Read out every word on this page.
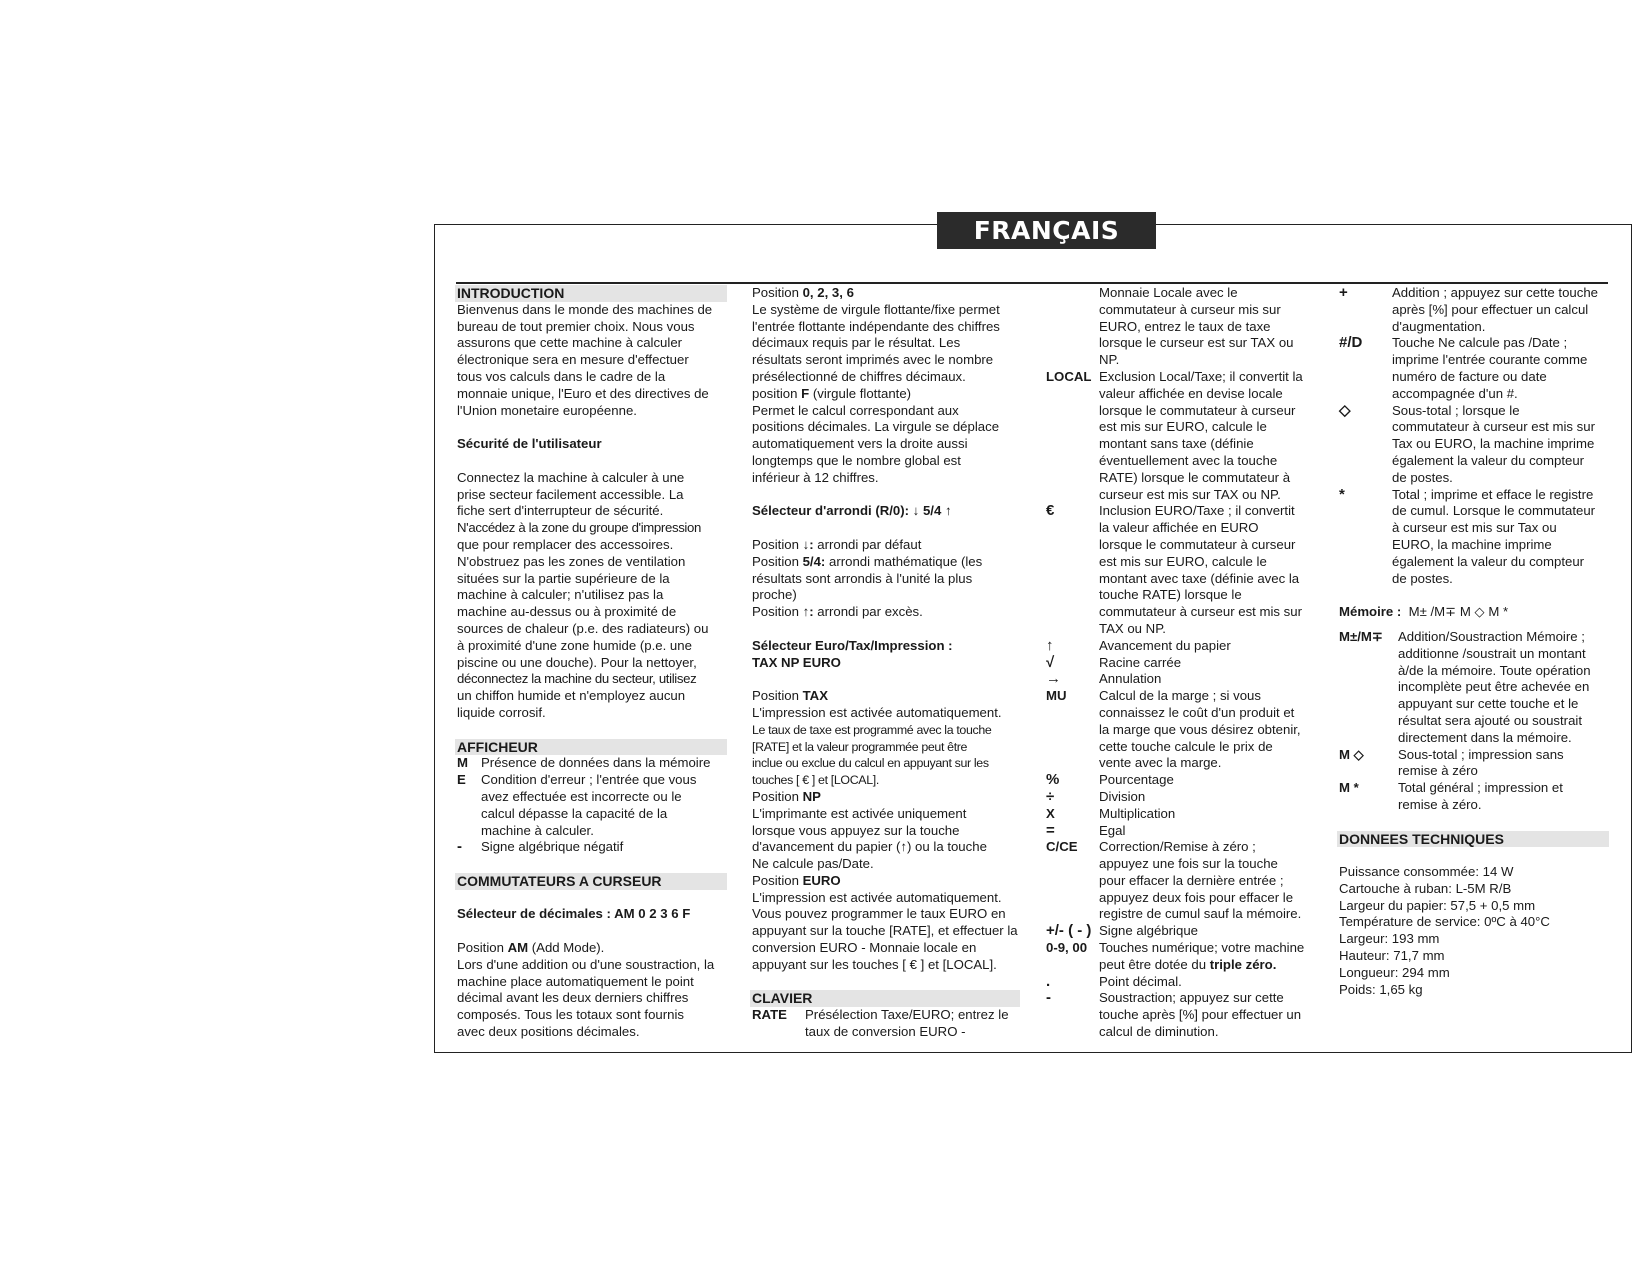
FRANÇAIS

INTRODUCTION

Bienvenus dans le monde des machines de

bureau de tout premier choix. Nous vous

assurons que cette machine à calculer

électronique sera en mesure d'effectuer

tous vos calculs dans le cadre de la

monnaie unique, l'Euro et des directives de

l'Union monetaire européenne.

Sécurité de l'utilisateur

Connectez la machine à calculer à une

prise secteur facilement accessible. La

fiche sert d'interrupteur de sécurité.

N'accédez à la zone du groupe d'impression

que pour remplacer des accessoires.

N'obstruez pas les zones de ventilation

situées sur la partie supérieure de la

machine à calculer; n'utilisez pas la

machine au-dessus ou à proximité de

sources de chaleur (p.e. des radiateurs) ou

à proximité d'une zone humide (p.e. une

piscine ou une douche). Pour la nettoyer,

déconnectez la machine du secteur, utilisez

un chiffon humide et n'employez aucun

liquide corrosif.

AFFICHEUR

M Présence de données dans la mémoire
E	Condition d'erreur ; l'entrée que vous
avez effectuée est incorrecte ou le
calcul dépasse la capacité de la
machine à calculer.
-	Signe algébrique négatif

COMMUTATEURS A CURSEUR

Sélecteur de décimales : AM 0 2 3 6 F

Position AM (Add Mode).

Lors d'une addition ou d'une soustraction, la

machine place automatiquement le point

décimal avant les deux derniers chiffres

composés. Tous les totaux sont fournis

avec deux positions décimales.

Position 0, 2, 3, 6

Le système de virgule flottante/fixe permet

l'entrée flottante indépendante des chiffres

décimaux requis par le résultat. Les

résultats seront imprimés avec le nombre

présélectionné de chiffres décimaux.

position F (virgule flottante)

Permet le calcul correspondant aux

positions décimales. La virgule se déplace

automatiquement vers la droite aussi

longtemps que le nombre global est

inférieur à 12 chiffres.

Sélecteur d'arrondi (R/0): ↓ 5/4 ↑

Position ↓: arrondi par défaut

Position 5/4: arrondi mathématique (les

résultats sont arrondis à l'unité la plus

proche)

Position ↑: arrondi par excès.

Sélecteur Euro/Tax/Impression :

TAX NP EURO

Position TAX

L'impression est activée automatiquement.

Le taux de taxe est programmé avec la touche

[RATE] et la valeur programmée peut être

inclue ou exclue du calcul en appuyant sur les

touches [ € ] et [LOCAL].

Position NP

L'imprimante est activée uniquement

lorsque vous appuyez sur la touche

d'avancement du papier (↑) ou la touche

Ne calcule pas/Date.

Position EURO

L'impression est activée automatiquement.

Vous pouvez programmer le taux EURO en

appuyant sur la touche [RATE], et effectuer la

conversion EURO - Monnaie locale en

appuyant sur les touches [ € ] et [LOCAL].

CLAVIER

RATE	Présélection Taxe/EURO; entrez le
taux de conversion EURO -
Monnaie Locale avec le
commutateur à curseur mis sur
EURO, entrez le taux de taxe
lorsque le curseur est sur TAX ou
NP.
LOCAL Exclusion Local/Taxe; il convertit la
valeur affichée en devise locale
lorsque le commutateur à curseur
est mis sur EURO, calcule le
montant sans taxe (définie
éventuellement avec la touche
RATE) lorsque le commutateur à
curseur est mis sur TAX ou NP.
€	Inclusion EURO/Taxe ; il convertit
la valeur affichée en EURO
lorsque le commutateur à curseur
est mis sur EURO, calcule le
montant avec taxe (définie avec la
touche RATE) lorsque le
commutateur à curseur est mis sur
TAX ou NP.
↑	Avancement du papier
√	Racine carrée
→	Annulation
MU	Calcul de la marge ; si vous
connaissez le coût d'un produit et
la marge que vous désirez obtenir,
cette touche calcule le prix de
vente avec la marge.
%	Pourcentage
÷	Division
X	Multiplication
=	Egal
C/CE	Correction/Remise à zéro ;
appuyez une fois sur la touche
pour effacer la dernière entrée ;
appuyez deux fois pour effacer le
registre de cumul sauf la mémoire.
+/- ( - ) Signe algébrique
0-9, 00 Touches numérique; votre machine
peut être dotée du triple zéro.
.	Point décimal.
-	Soustraction; appuyez sur cette
touche après [%] pour effectuer un
calcul de diminution.
+	Addition ; appuyez sur cette touche
après [%] pour effectuer un calcul
d'augmentation.
#/D	Touche Ne calcule pas /Date ;
imprime l'entrée courante comme
numéro de facture ou date
accompagnée d'un #.
◇	Sous-total ; lorsque le
commutateur à curseur est mis sur
Tax ou EURO, la machine imprime
également la valeur du compteur
de postes.
*	Total ; imprime et efface le registre
de cumul. Lorsque le commutateur
à curseur est mis sur Tax ou
EURO, la machine imprime
également la valeur du compteur
de postes.

Mémoire : M± /M∓ M ◇ M *

M±/M∓	Addition/Soustraction Mémoire ;
additionne /soustrait un montant
à/de la mémoire. Toute opération
incomplète peut être achevée en
appuyant sur cette touche et le
résultat sera ajouté ou soustrait
directement dans la mémoire.
M ◇	Sous-total ; impression sans
remise à zéro
M *	Total général ; impression et
remise à zéro.

DONNEES TECHNIQUES

Puissance consommée: 14 W

Cartouche à ruban: L-5M R/B

Largeur du papier: 57,5 + 0,5 mm

Température de service: 0ºC à 40°C

Largeur: 193 mm

Hauteur: 71,7 mm

Longueur: 294 mm

Poids: 1,65 kg
